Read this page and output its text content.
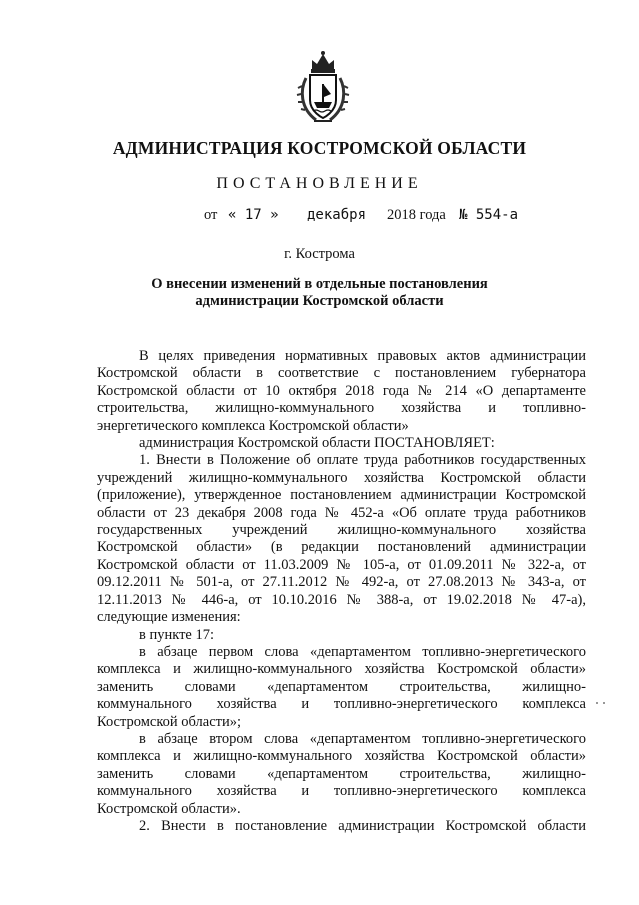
АДМИНИСТРАЦИЯ КОСТРОМСКОЙ ОБЛАСТИ
ПОСТАНОВЛЕНИЕ
от « 17 » декабря 2018 года № 554-а
г. Кострома
О внесении изменений в отдельные постановления
администрации Костромской области

В целях приведения нормативных правовых актов администрации

Костромской области в соответствие с постановлением губернатора

Костромской области от 10 октября 2018 года № 214 «О департаменте

строительства, жилищно-коммунального хозяйства и топливно-

энергетического комплекса Костромской области»

администрация Костромской области ПОСТАНОВЛЯЕТ:

1. Внести в Положение об оплате труда работников государственных

учреждений жилищно-коммунального хозяйства Костромской области

(приложение), утвержденное постановлением администрации Костромской

области от 23 декабря 2008 года № 452-а «Об оплате труда работников

государственных учреждений жилищно-коммунального хозяйства

Костромской области» (в редакции постановлений администрации

Костромской области от 11.03.2009 № 105-а, от 01.09.2011 № 322-а, от

09.12.2011 № 501-а, от 27.11.2012 № 492-а, от 27.08.2013 № 343-а, от

12.11.2013 № 446-а, от 10.10.2016 № 388-а, от 19.02.2018 № 47-а),

следующие изменения:

в пункте 17:

в абзаце первом слова «департаментом топливно-энергетического

комплекса и жилищно-коммунального хозяйства Костромской области»

заменить словами «департаментом строительства, жилищно-

коммунального хозяйства и топливно-энергетического комплекса

Костромской области»;

в абзаце втором слова «департаментом топливно-энергетического

комплекса и жилищно-коммунального хозяйства Костромской области»

заменить словами «департаментом строительства, жилищно-

коммунального хозяйства и топливно-энергетического комплекса

Костромской области».

2. Внести в постановление администрации Костромской области
